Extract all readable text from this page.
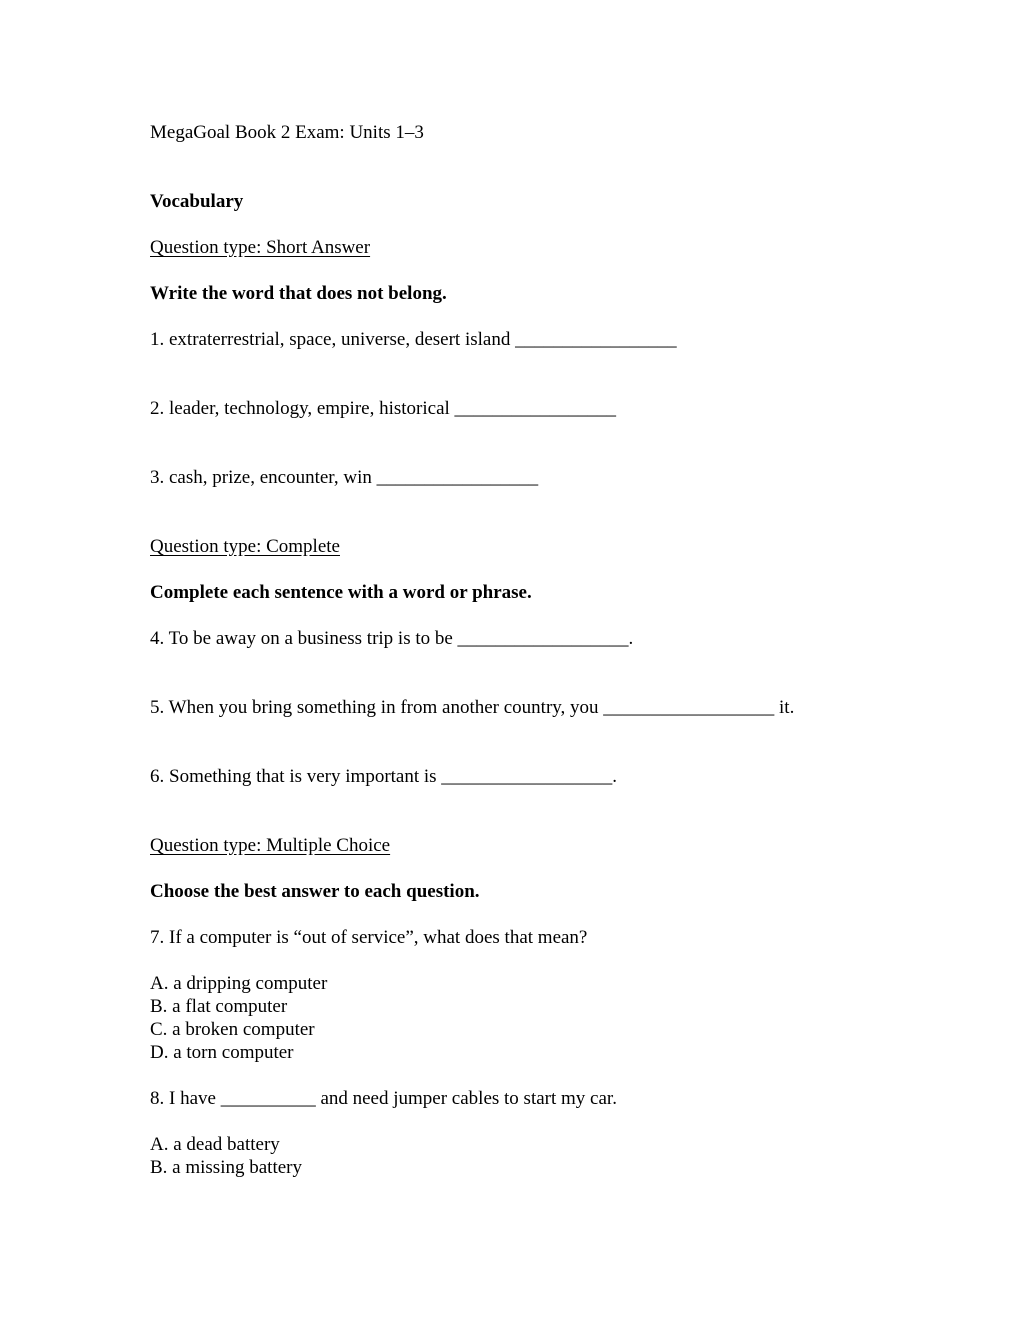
MegaGoal Book 2 Exam: Units 1–3

Vocabulary

Question type: Short Answer

Write the word that does not belong.

1. extraterrestrial, space, universe, desert island _________________

2. leader, technology, empire, historical _________________

3. cash, prize, encounter, win _________________

Question type: Complete

Complete each sentence with a word or phrase.

4. To be away on a business trip is to be __________________.

5. When you bring something in from another country, you __________________ it.

6. Something that is very important is __________________.

Question type: Multiple Choice

Choose the best answer to each question.

7. If a computer is “out of service”, what does that mean?

A. a dripping computer

B. a flat computer

C. a broken computer

D. a torn computer

8. I have __________ and need jumper cables to start my car.

A. a dead battery

B. a missing battery
